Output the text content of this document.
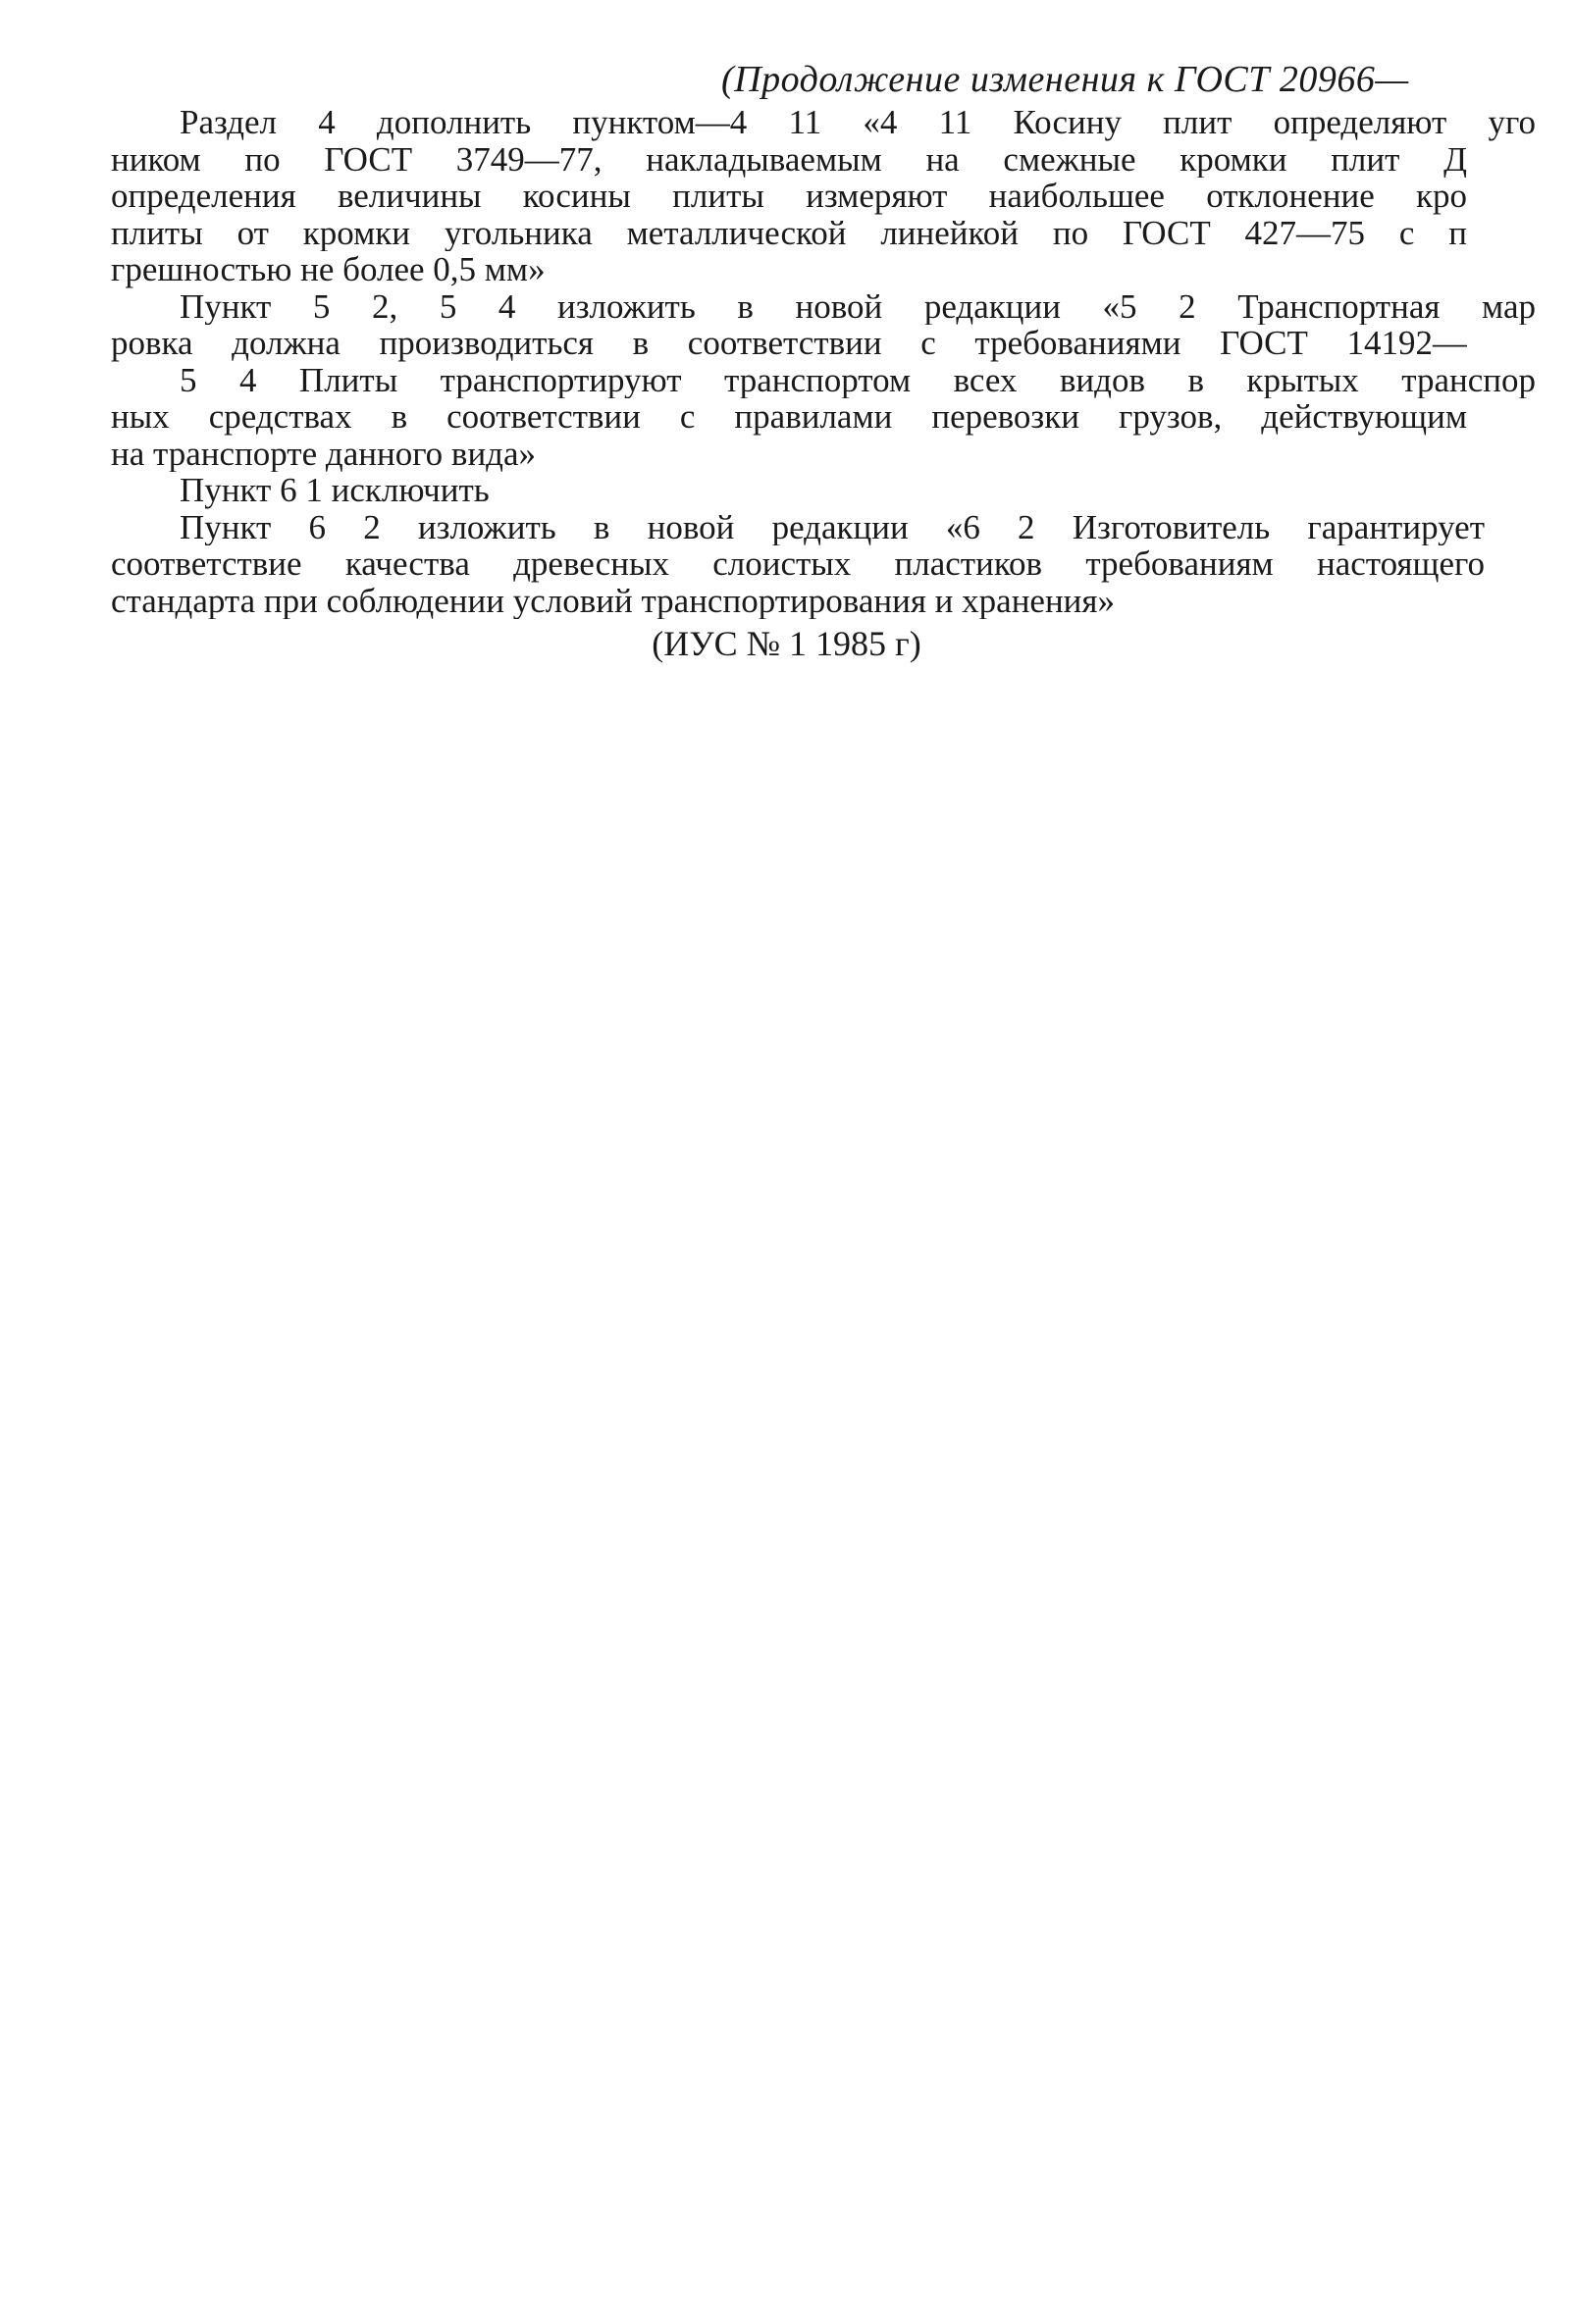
(Продолжение изменения к ГОСТ 20966—
Раздел 4 дополнить пунктом—4 11 «4 11 Косину плит определяют уго
ником по ГОСТ 3749—77, накладываемым на смежные кромки плит Д
определения величины косины плиты измеряют наибольшее отклонение кро
плиты от кромки угольника металлической линейкой по ГОСТ 427—75 с п
грешностью не более 0,5 мм»
Пункт 5 2, 5 4 изложить в новой редакции «5 2 Транспортная мар
ровка должна производиться в соответствии с требованиями ГОСТ 14192—
5 4 Плиты транспортируют транспортом всех видов в крытых транспор
ных средствах в соответствии с правилами перевозки грузов, действующим
на транспорте данного вида»
Пункт 6 1 исключить
Пункт 6 2 изложить в новой редакции «6 2 Изготовитель гарантирует
соответствие качества древесных слоистых пластиков требованиям настоящего
стандарта при соблюдении условий транспортирования и хранения»
(ИУС № 1 1985 г)
